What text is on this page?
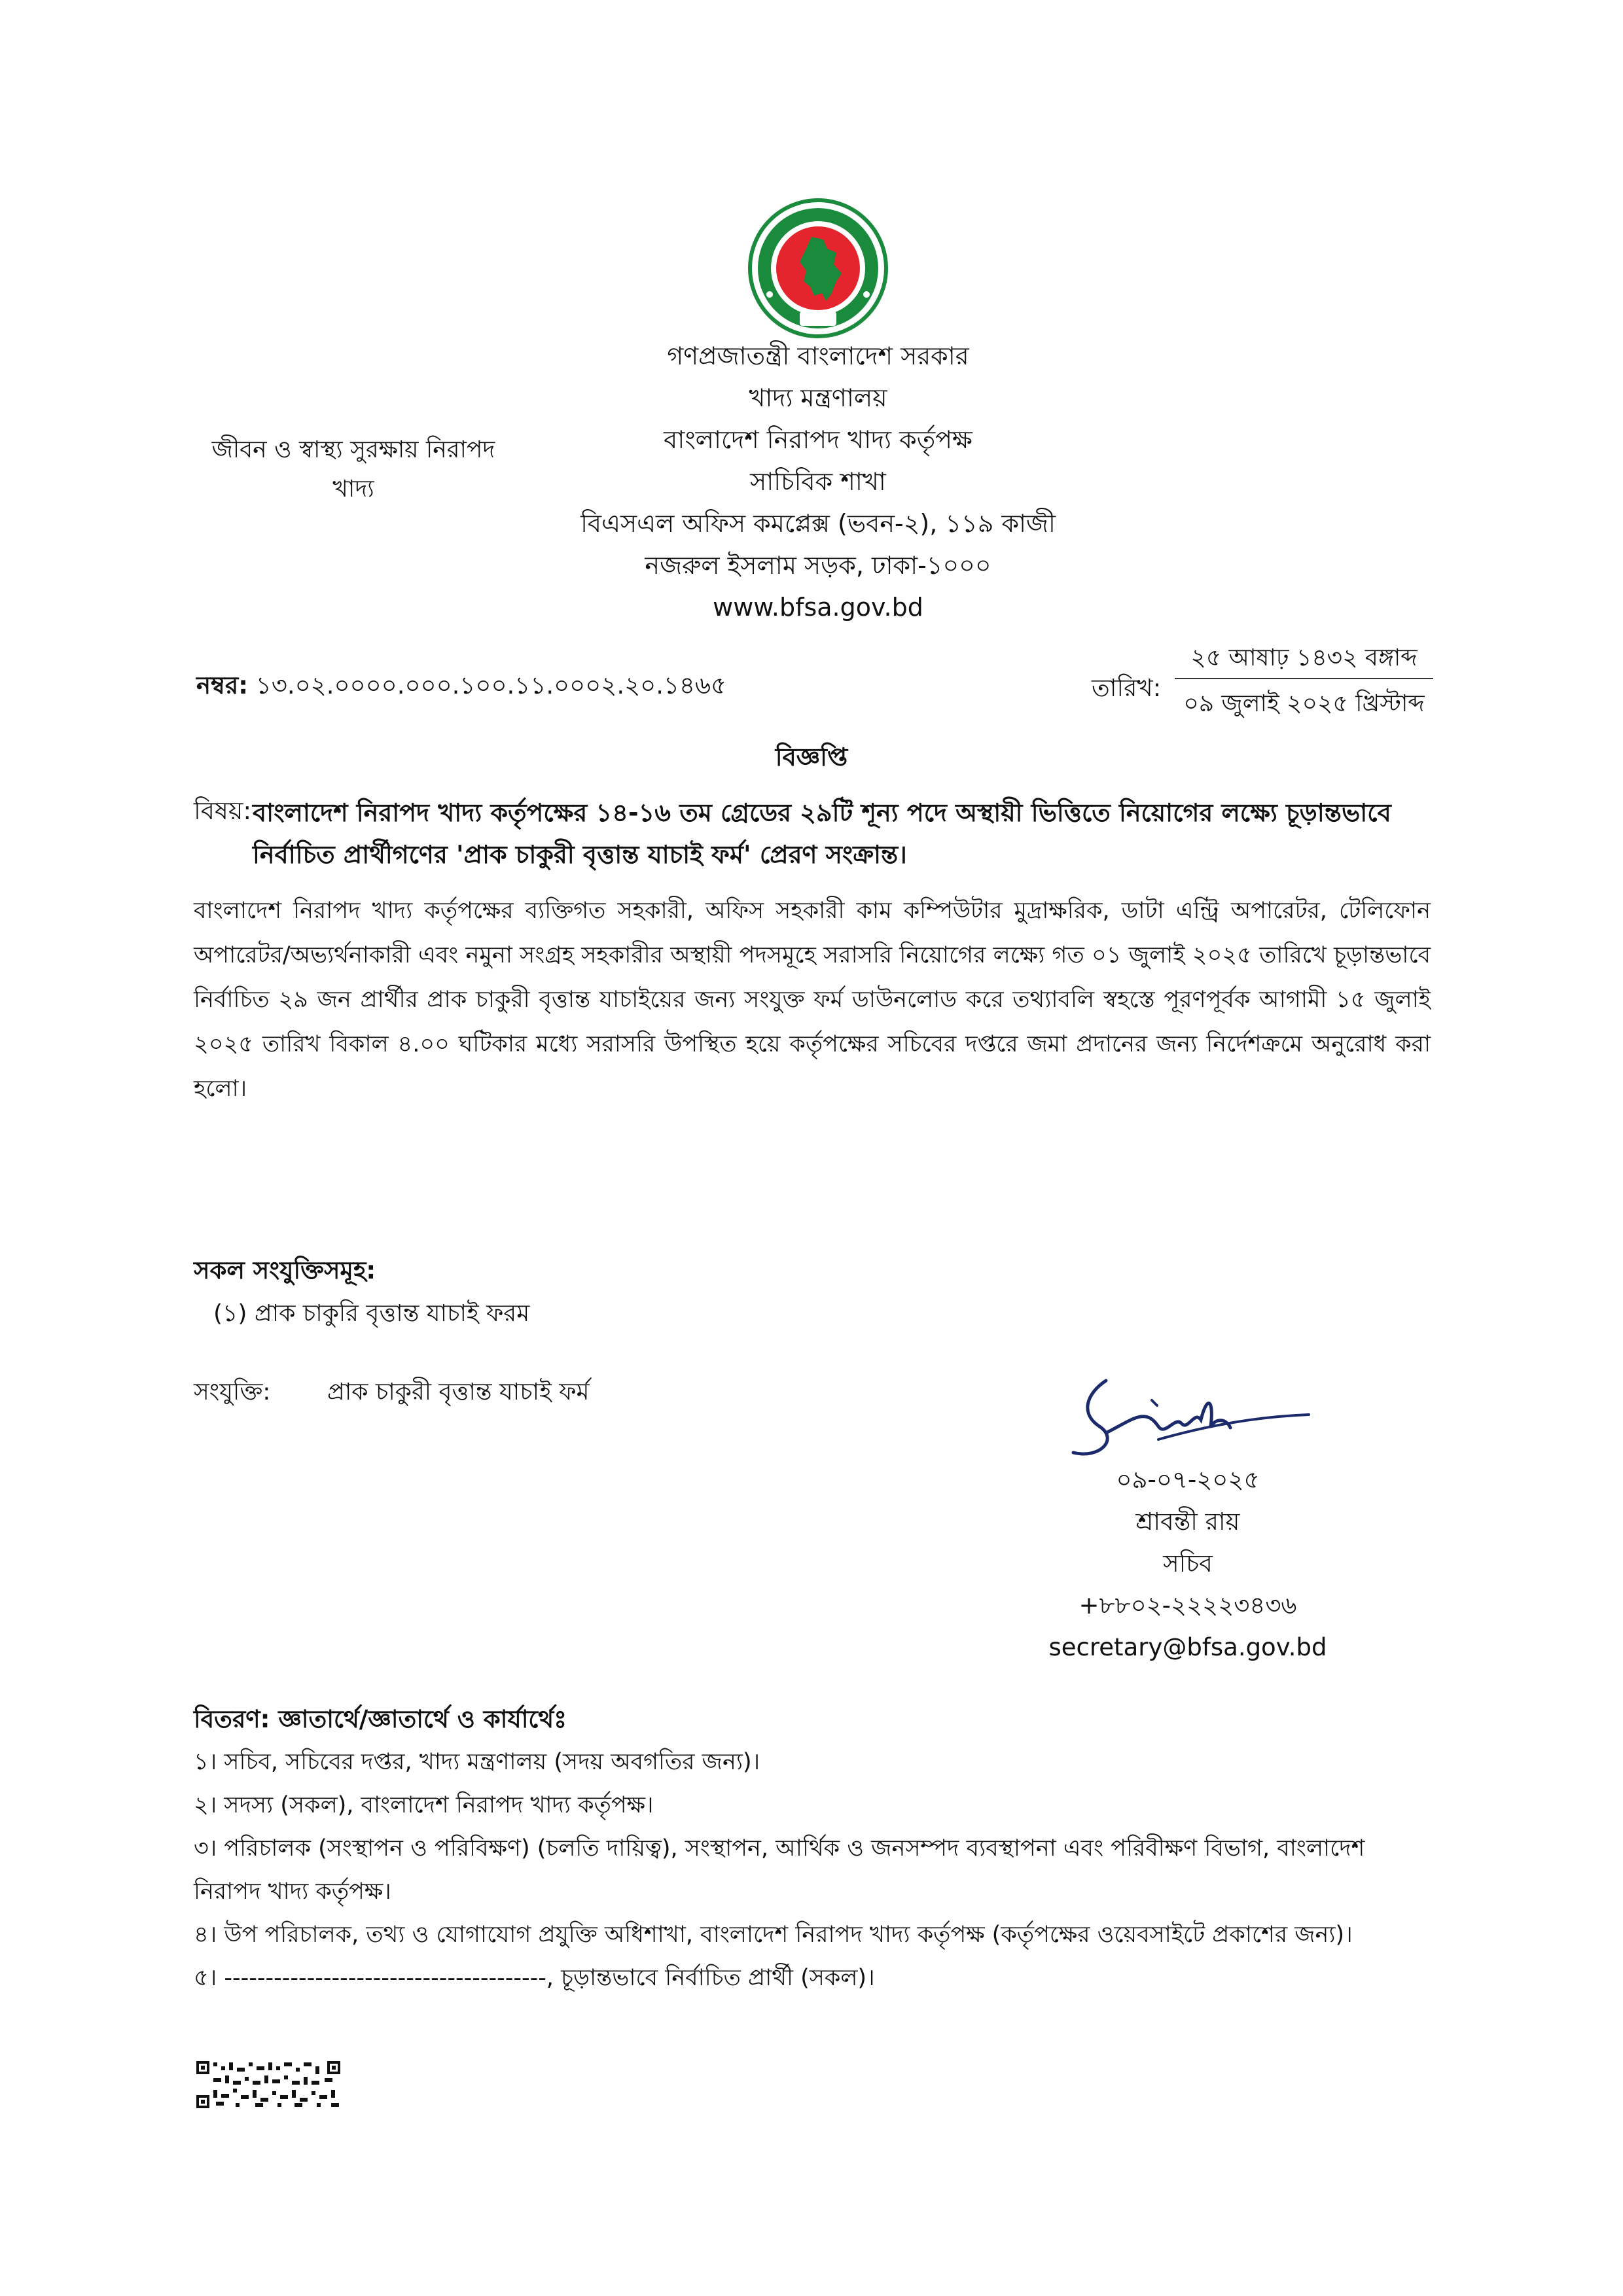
গণপ্রজাতন্ত্রী বাংলাদেশ সরকার
খাদ্য মন্ত্রণালয়
বাংলাদেশ নিরাপদ খাদ্য কর্তৃপক্ষ
সাচিবিক শাখা
বিএসএল অফিস কমপ্লেক্স (ভবন-২), ১১৯ কাজী
নজরুল ইসলাম সড়ক, ঢাকা-১০০০
www.bfsa.gov.bd
জীবন ও স্বাস্থ্য সুরক্ষায় নিরাপদ খাদ্য
নম্বর: ১৩.০২.০০০০.০০০.১০০.১১.০০০২.২০.১৪৬৫	তারিখ:
২৫ আষাঢ় ১৪৩২ বঙ্গাব্দ
০৯ জুলাই ২০২৫ খ্রিস্টাব্দ
বিজ্ঞপ্তি
বিষয়: বাংলাদেশ নিরাপদ খাদ্য কর্তৃপক্ষের ১৪-১৬ তম গ্রেডের ২৯টি শূন্য পদে অস্থায়ী ভিত্তিতে নিয়োগের লক্ষ্যে চূড়ান্তভাবে নির্বাচিত প্রার্থীগণের 'প্রাক চাকুরী বৃত্তান্ত যাচাই ফর্ম' প্রেরণ সংক্রান্ত।
বাংলাদেশ নিরাপদ খাদ্য কর্তৃপক্ষের ব্যক্তিগত সহকারী, অফিস সহকারী কাম কম্পিউটার মুদ্রাক্ষরিক, ডাটা এন্ট্রি অপারেটর, টেলিফোন অপারেটর/অভ্যর্থনাকারী এবং নমুনা সংগ্রহ সহকারীর অস্থায়ী পদসমূহে সরাসরি নিয়োগের লক্ষ্যে গত ০১ জুলাই ২০২৫ তারিখে চূড়ান্তভাবে নির্বাচিত ২৯ জন প্রার্থীর প্রাক চাকুরী বৃত্তান্ত যাচাইয়ের জন্য সংযুক্ত ফর্ম ডাউনলোড করে তথ্যাবলি স্বহস্তে পূরণপূর্বক আগামী ১৫ জুলাই ২০২৫ তারিখ বিকাল ৪.০০ ঘটিকার মধ্যে সরাসরি উপস্থিত হয়ে কর্তৃপক্ষের সচিবের দপ্তরে জমা প্রদানের জন্য নির্দেশক্রমে অনুরোধ করা হলো।
সকল সংযুক্তিসমূহ:
(১) প্রাক চাকুরি বৃত্তান্ত যাচাই ফরম
সংযুক্তি: প্রাক চাকুরী বৃত্তান্ত যাচাই ফর্ম
০৯-০৭-২০২৫
শ্রাবন্তী রায়
সচিব
+৮৮০২-২২২২৩৪৩৬
secretary@bfsa.gov.bd
বিতরণ: জ্ঞাতার্থে/জ্ঞাতার্থে ও কার্যার্থেঃ
১। সচিব, সচিবের দপ্তর, খাদ্য মন্ত্রণালয় (সদয় অবগতির জন্য)।
২। সদস্য (সকল), বাংলাদেশ নিরাপদ খাদ্য কর্তৃপক্ষ।
৩। পরিচালক (সংস্থাপন ও পরিবিক্ষণ) (চলতি দায়িত্ব), সংস্থাপন, আর্থিক ও জনসম্পদ ব্যবস্থাপনা এবং পরিবীক্ষণ বিভাগ, বাংলাদেশ নিরাপদ খাদ্য কর্তৃপক্ষ।
৪। উপ পরিচালক, তথ্য ও যোগাযোগ প্রযুক্তি অধিশাখা, বাংলাদেশ নিরাপদ খাদ্য কর্তৃপক্ষ (কর্তৃপক্ষের ওয়েবসাইটে প্রকাশের জন্য)।
৫। ---------------------------------------, চূড়ান্তভাবে নির্বাচিত প্রার্থী (সকল)।
